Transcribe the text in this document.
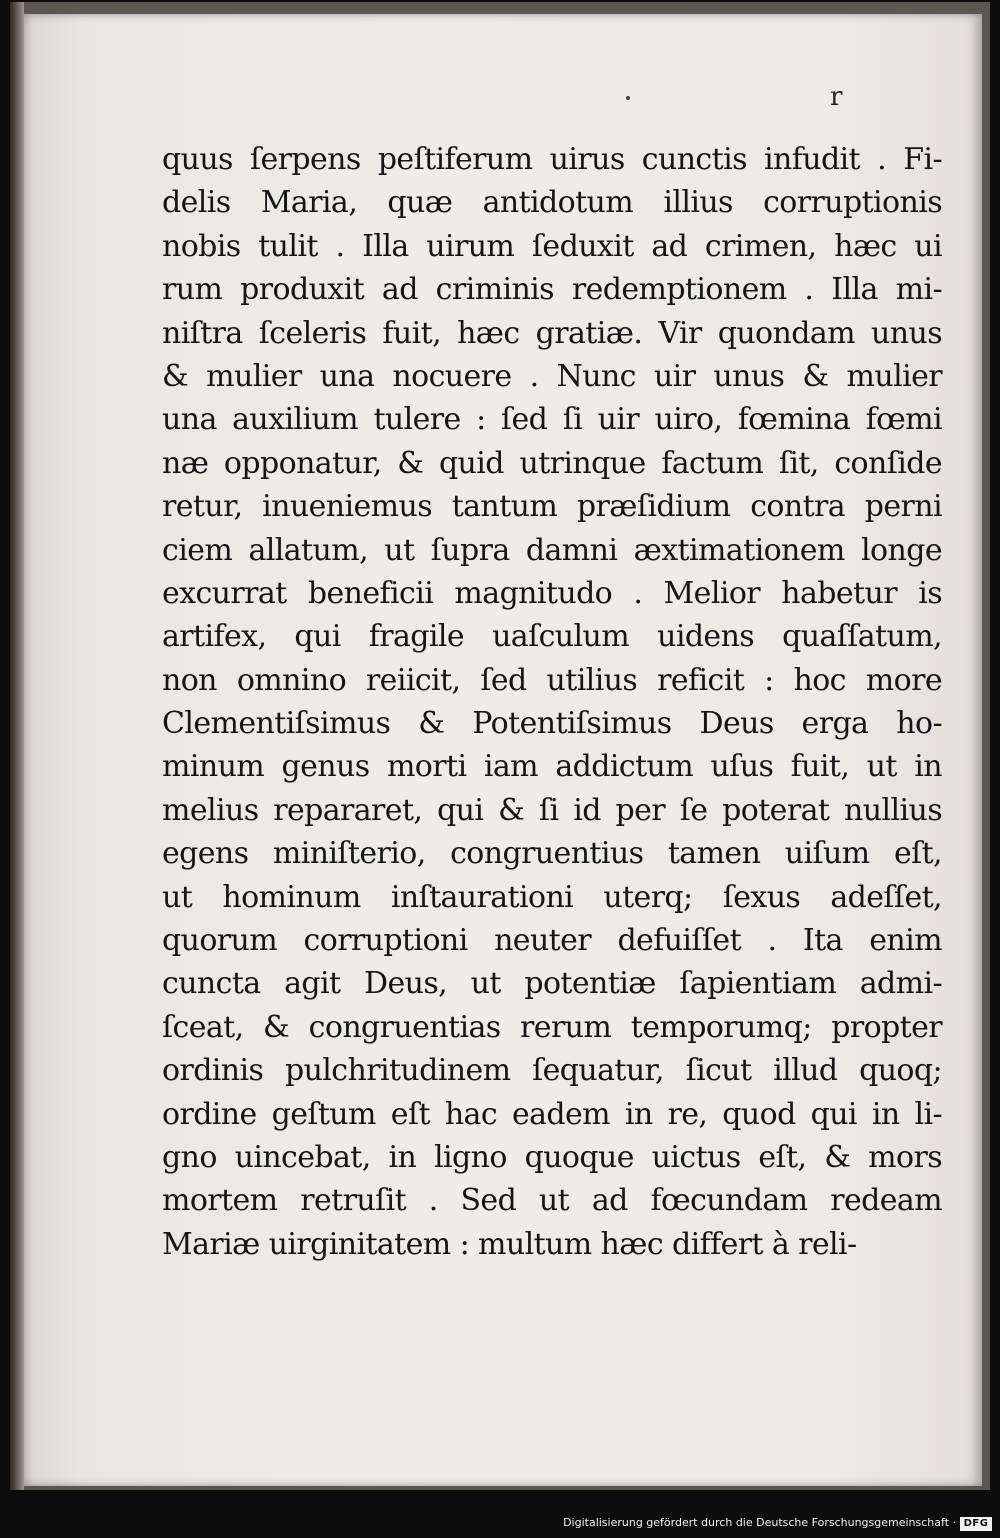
r
quus ſerpens peſtiferum uirus cunctis infudit . Fi-
delis Maria, quæ antidotum illius corruptionis
nobis tulit . Illa uirum ſeduxit ad crimen, hæc ui
rum produxit ad criminis redemptionem . Illa mi-
niſtra ſceleris fuit, hæc gratiæ. Vir quondam unus
& mulier una nocuere . Nunc uir unus & mulier
una auxilium tulere : ſed ſi uir uiro, fœmina fœmi
næ opponatur, & quid utrinque factum ſit, conſide
retur, inueniemus tantum præſidium contra perni
ciem allatum, ut ſupra damni æxtimationem longe
excurrat beneficii magnitudo . Melior habetur is
artifex, qui fragile uaſculum uidens quaſſatum,
non omnino reiicit, ſed utilius reficit : hoc more
Clementiſsimus & Potentiſsimus Deus erga ho-
minum genus morti iam addictum uſus fuit, ut in
melius repararet, qui & ſi id per ſe poterat nullius
egens miniſterio, congruentius tamen uiſum eſt,
ut hominum inſtaurationi uterq; ſexus adeſſet,
quorum corruptioni neuter defuiſſet . Ita enim
cuncta agit Deus, ut potentiæ ſapientiam admi-
ſceat, & congruentias rerum temporumq; propter
ordinis pulchritudinem ſequatur, ſicut illud quoq;
ordine geſtum eſt hac eadem in re, quod qui in li-
gno uincebat, in ligno quoque uictus eſt, & mors
mortem retruſit . Sed ut ad fœcundam redeam
Mariæ uirginitatem : multum hæc differt à reli-
Digitalisierung gefördert durch die Deutsche Forschungsgemeinschaft · DFG
